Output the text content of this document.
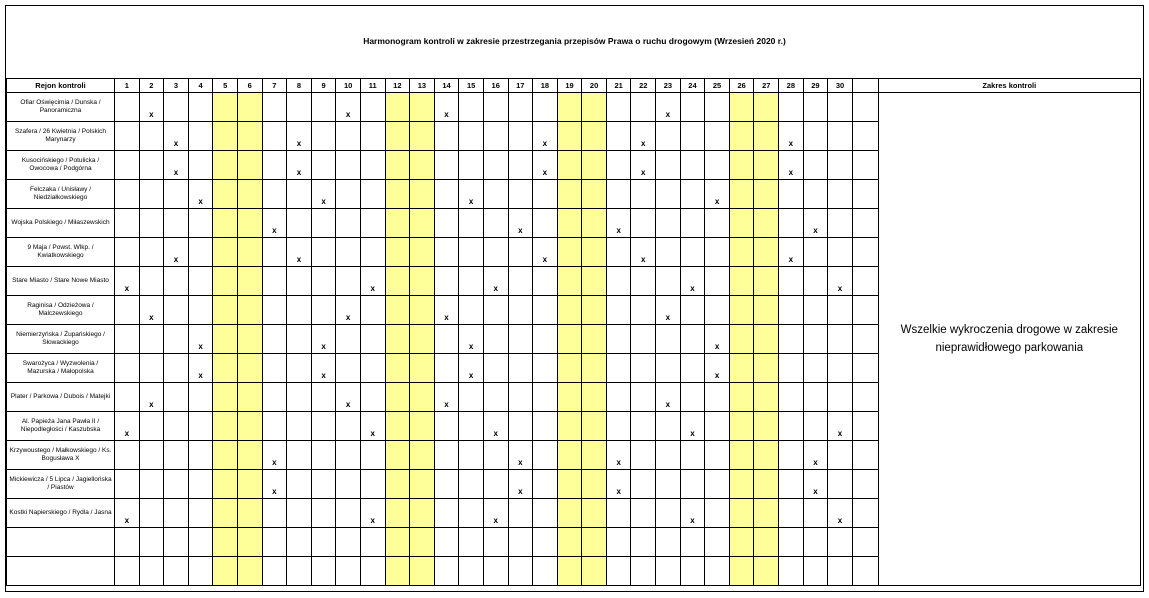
Harmonogram kontroli w zakresie przestrzegania przepisów Prawa o ruchu drogowym (Wrzesień 2020 r.)
Rejon kontroli	1	2	3	4	5	6	7	8	9	10	11	12	13	14	15	16	17	18	19	20	21	22	23	24	25	26	27	28	29	30		Zakres kontroli
Ofiar Oświęcimia / Dunska / Panoramiczna		x								x				x									x									Wszelkie wykroczenia drogowe w zakresie nieprawidłowego parkowania
Szafera / 26 Kwietnia / Polskich Marynarzy			x					x										x				x						x				
Kusocińskiego / Potulicka / Owocowa / Podgórna			x					x										x				x						x				
Felczaka / Unisławy / Niedziałkowskiego				x					x						x										x							
Wojska Polskiego / Miłaszewskich							x										x				x								x			
9 Maja / Powst. Wlkp. / Kwiatkowskiego			x					x										x				x						x				
Stare Miasto / Stare Nowe Miasto	x										x					x								x						x		
Raginisa / Odzieżowa / Malczewskiego		x								x				x									x									
Niemierzyńska / Żupańskiego / Słowackiego				x					x						x										x							
Swarożyca / Wyzwolenia / Mazurska / Małopolska				x					x						x										x							
Plater / Parkowa / Dubois / Matejki		x								x				x									x									
Al. Papieża Jana Pawła II / Niepodległości / Kaszubska	x										x					x								x						x		
Krzywoustego / Małkowskiego / Ks. Bogusława X							x										x				x								x			
Mickiewicza / 5 Lipca / Jagiellońska / Piastów							x										x				x								x			
Kostki Napierskiego / Rydla / Jasna	x										x					x								x						x		
